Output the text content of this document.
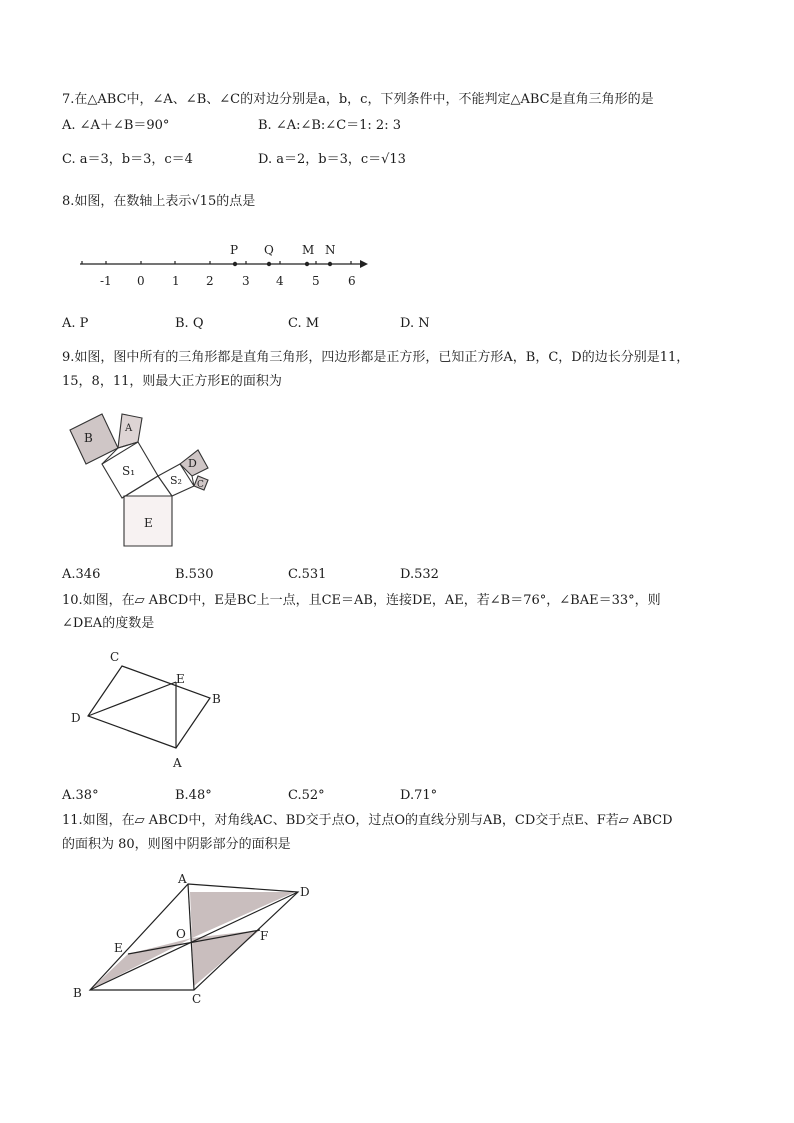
7.在△ABC中，∠A、∠B、∠C的对边分别是a，b，c，下列条件中，不能判定△ABC是直角三角形的是
A. ∠A＋∠B＝90°	B. ∠A:∠B:∠C＝1: 2: 3
C. a＝3，b＝3，c＝4	D. a＝2，b＝3，c＝√13
8.如图，在数轴上表示√15的点是
-1 0 1 2 3 4 5 6
P Q M N
A. P	B. Q	C. M	D. N
9.如图，图中所有的三角形都是直角三角形，四边形都是正方形，已知正方形A，B，C，D的边长分别是11，
15，8，11，则最大正方形E的面积为
B
A
S₁
S₂
D
C
E
A.346	B.530	C.531	D.532
10.如图，在▱ ABCD中，E是BC上一点，且CE＝AB，连接DE，AE，若∠B＝76°，∠BAE＝33°，则
∠DEA的度数是
C
E
B
D
A
A.38°	B.48°	C.52°	D.71°
11.如图，在▱ ABCD中，对角线AC、BD交于点O，过点O的直线分别与AB，CD交于点E、F若▱ ABCD
的面积为 80，则图中阴影部分的面积是
A
D
O	F
E
B	C
